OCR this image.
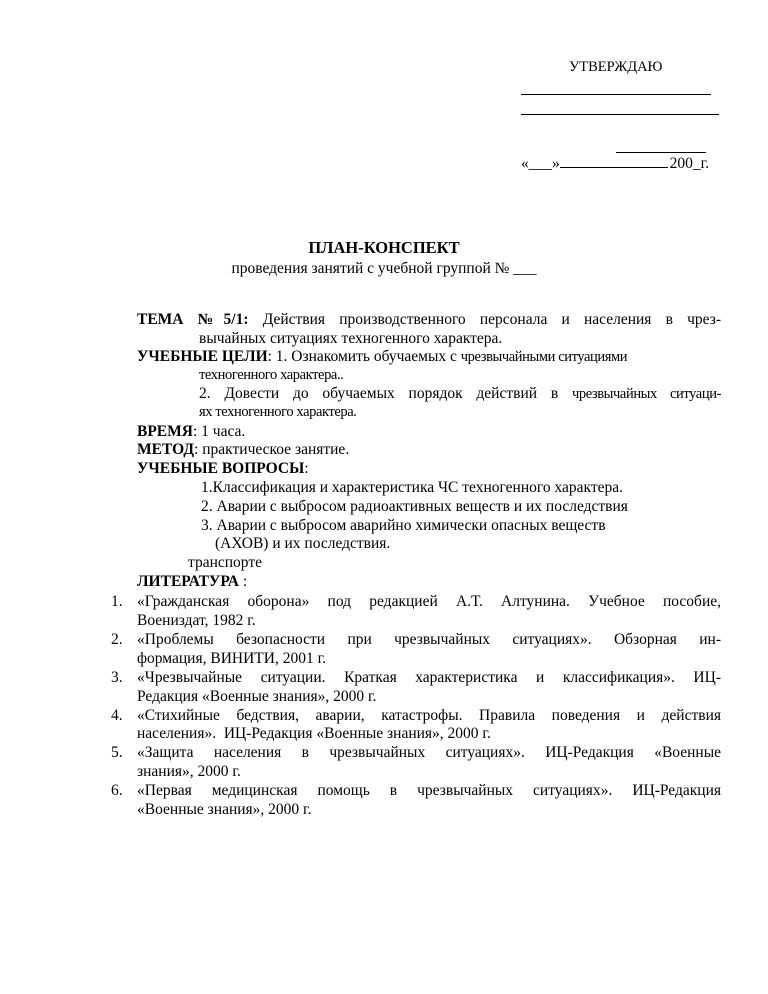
УТВЕРЖДАЮ
«___»	200_г.
ПЛАН-КОНСПЕКТ
проведения занятий с учебной группой № ___
ТЕМА №5/1: Действия производственного персонала и населения в чрез-
вычайных ситуациях техногенного характера.
УЧЕБНЫЕ ЦЕЛИ: 1. Ознакомить обучаемых с чрезвычайными ситуациями
техногенного характера..
2. Довести до обучаемых порядок действий в чрезвычайных ситуаци-
ях техногенного характера.
ВРЕМЯ: 1 часа.
МЕТОД: практическое занятие.
УЧЕБНЫЕ ВОПРОСЫ:
1.Классификация и характеристика ЧС техногенного характера.
2. Аварии с выбросом радиоактивных веществ и их последствия
3. Аварии с выбросом аварийно химически опасных веществ
(АХОВ) и их последствия.
транспорте
ЛИТЕРАТУРА :
1. «Гражданская оборона» под редакцией А.Т. Алтунина. Учебное пособие,
Воениздат, 1982 г.
2. «Проблемы безопасности при чрезвычайных ситуациях». Обзорная ин-
формация, ВИНИТИ, 2001 г.
3. «Чрезвычайные ситуации. Краткая характеристика и классификация». ИЦ-
Редакция «Военные знания», 2000 г.
4. «Стихийные бедствия, аварии, катастрофы. Правила поведения и действия
населения».  ИЦ-Редакция «Военные знания», 2000 г.
5. «Защита населения в чрезвычайных ситуациях». ИЦ-Редакция «Военные
знания», 2000 г.
6. «Первая медицинская помощь в чрезвычайных ситуациях». ИЦ-Редакция
«Военные знания», 2000 г.
